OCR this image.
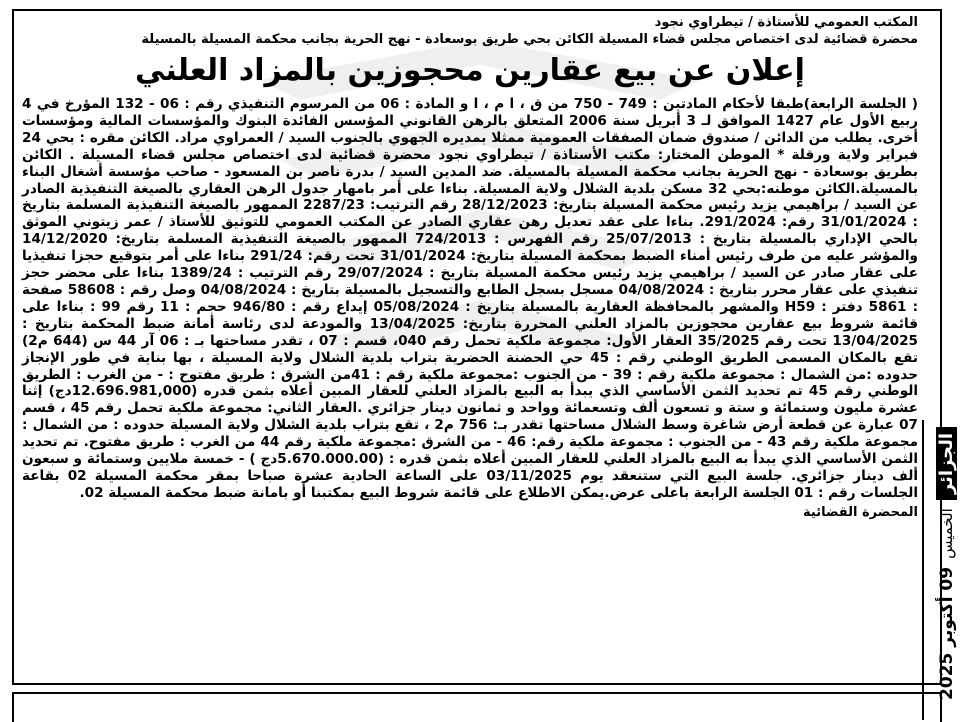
الجزائر
الخميس
09 أكتوبر 2025
المكتب العمومي للأستاذة / تيطراوي نجود
محضرة قضائية لدى اختصاص مجلس قضاء المسيلة الكائن بحي طريق بوسعادة - نهج الحرية بجانب محكمة المسيلة بالمسيلة
إعلان عن بيع عقارين محجوزين بالمزاد العلني
( الجلسة الرابعة)طبقا لأحكام المادتين : 749 - 750 من ق ، ا م ، ا و المادة : 06 من المرسوم التنفيذي رقم : 06 - 132 المؤرخ في 4 ربيع الأول عام 1427 الموافق لـ 3 أبريل سنة 2006 المتعلق بالرهن القانوني المؤسس الفائدة البنوك والمؤسسات المالية ومؤسسات أخرى. يطلب من الدائن / صندوق ضمان الصفقات العمومية ممثلا بمديره الجهوي بالجنوب السيد / العمراوي مراد. الكائن مقره : بحي 24 فبراير ولاية ورقلة * الموطن المختار: مكتب الأستاذة / تيطراوي نجود محضرة قضائية لدى اختصاص مجلس قضاء المسيلة . الكائن بطريق بوسعادة - نهج الحرية بجانب محكمة المسيلة بالمسيلة. ضد المدين السيد / بدرة ناصر بن المسعود - صاحب مؤسسة أشغال البناء بالمسيلة.الكائن موطنه:بحي 32 مسكن بلدية الشلال ولاية المسيلة. بناءا على أمر بامهار جدول الرهن العقاري بالصيغة التنفيذية الصادر عن السيد / براهيمي يزيد رئيس محكمة المسيلة بتاريخ: 28/12/2023 رقم الترتيب: 2287/23 الممهور بالصيغة التنفيذية المسلمة بتاريخ : 31/01/2024 رقم: 291/2024. بناءا على عقد تعديل رهن عقاري الصادر عن المكتب العمومي للتوثيق للأستاذ / عمر زيتوني الموثق بالحي الإداري بالمسيلة بتاريخ : 25/07/2013 رقم الفهرس : 724/2013 الممهور بالصيغة التنفيذية المسلمة بتاريخ: 14/12/2020 والمؤشر عليه من طرف رئيس أمناء الضبط بمحكمة المسيلة بتاريخ: 31/01/2024 تحت رقم: 291/24 بناءا على أمر بتوقيع حجزا تنفيذيا على عقار صادر عن السيد / براهيمي يزيد رئيس محكمة المسيلة بتاريخ : 29/07/2024 رقم الترتيب : 1389/24 بناءا على محضر حجز تنفيذي على عقار محرر بتاريخ : 04/08/2024 مسجل بسجل الطابع والتسجيل بالمسيلة بتاريخ : 04/08/2024 وصل رقم : 58608 صفحة : 5861 دفتر : H59 والمشهر بالمحافظة العقارية بالمسيلة بتاريخ : 05/08/2024 إيداع رقم : 946/80 حجم : 11 رقم 99 : بناءا على قائمة شروط بيع عقارين محجوزين بالمزاد العلني المحررة بتاريخ: 13/04/2025 والمودعة لدى رئاسة أمانة ضبط المحكمة بتاريخ : 13/04/2025 تحت رقم 35/2025 العقار الأول: مجموعة ملكية تحمل رقم 040، قسم : 07 ، تقدر مساحتها بـ : 06 آر 44 س (644 م2) تقع بالمكان المسمى الطريق الوطني رقم : 45 حي الحضنة الحضرية بتراب بلدية الشلال ولاية المسيلة ، بها بناية في طور الإنجاز حدوده :من الشمال : مجموعة ملكية رقم : 39 - من الجنوب :مجموعة ملكية رقم : 41من الشرق : طريق مفتوح : - من الغرب : الطريق الوطني رقم 45 تم تحديد الثمن الأساسي الذي يبدأ به البيع بالمزاد العلني للعقار المبين أعلاه بثمن قدره (12.696.981,000دج) إثنا عشرة مليون وستمائة و ستة و تسعون ألف وتسعمائة وواحد و ثمانون دينار جزائري .العقار الثاني: مجموعة ملكية تحمل رقم 45 ، قسم 07 عبارة عن قطعة أرض شاغرة وسط الشلال مساحتها تقدر بـ: 756 م2 ، تقع بتراب بلدية الشلال ولاية المسيلة حدوده : من الشمال : مجموعة ملكية رقم 43 - من الجنوب : مجموعة ملكية رقم: 46 - من الشرق :مجموعة ملكية رقم 44 من الغرب : طريق مفتوح. تم تحديد الثمن الأساسي الذي يبدأ به البيع بالمزاد العلني للعقار المبين أعلاه بثمن قدره : (5.670.000.00دج ) - خمسة ملايين وستمائة و سبعون ألف دينار جزائري. جلسة البيع التي ستنعقد يوم 03/11/2025 على الساعة الحادية عشرة صباحا بمقر محكمة المسيلة 02 بقاعة الجلسات رقم : 01 الجلسة الرابعة باعلى عرض.يمكن الاطلاع على قائمة شروط البيع بمكتبنا أو بامانة ضبط محكمة المسيلة 02.
المحضرة القضائية
